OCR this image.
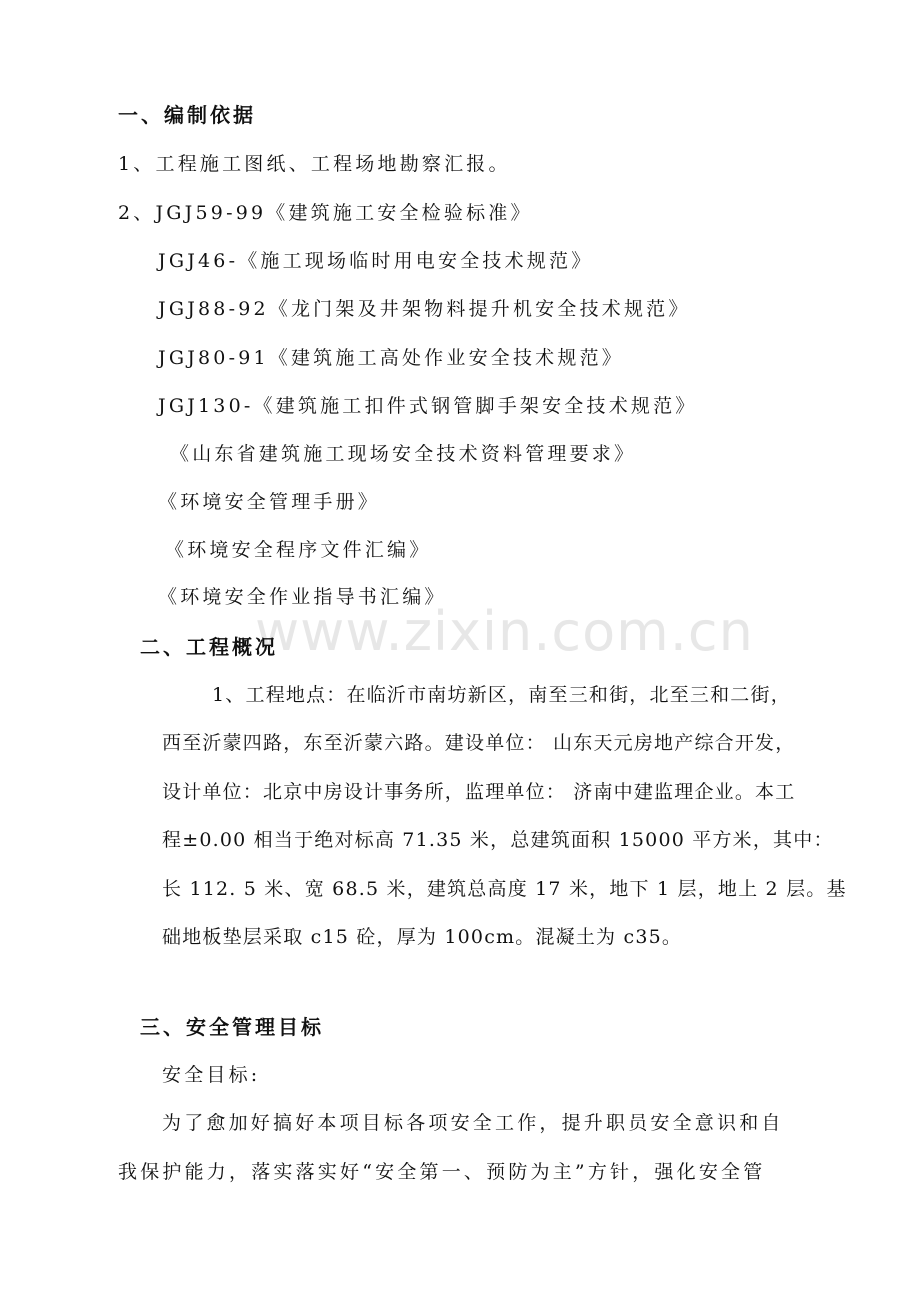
www.zixin.com.cn
一、编制依据
1、工程施工图纸、工程场地勘察汇报。
2、JGJ59-99《建筑施工安全检验标准》
JGJ46-《施工现场临时用电安全技术规范》
JGJ88-92《龙门架及井架物料提升机安全技术规范》
JGJ80-91《建筑施工高处作业安全技术规范》
JGJ130-《建筑施工扣件式钢管脚手架安全技术规范》
《山东省建筑施工现场安全技术资料管理要求》
《环境安全管理手册》
《环境安全程序文件汇编》
《环境安全作业指导书汇编》
二、工程概况
1、工程地点：在临沂市南坊新区，南至三和街，北至三和二街，
西至沂蒙四路，东至沂蒙六路。建设单位： 山东天元房地产综合开发，
设计单位：北京中房设计事务所，监理单位： 济南中建监理企业。本工
程±0.00 相当于绝对标高 71.35 米，总建筑面积 15000 平方米，其中：
长 112. 5 米、宽 68.5 米，建筑总高度 17 米，地下 1 层，地上 2 层。基
础地板垫层采取 c15 砼，厚为 100cm。混凝土为 c35。
三、安全管理目标
安全目标:
为了愈加好搞好本项目标各项安全工作，提升职员安全意识和自
我保护能力，落实落实好“安全第一、预防为主”方针，强化安全管
